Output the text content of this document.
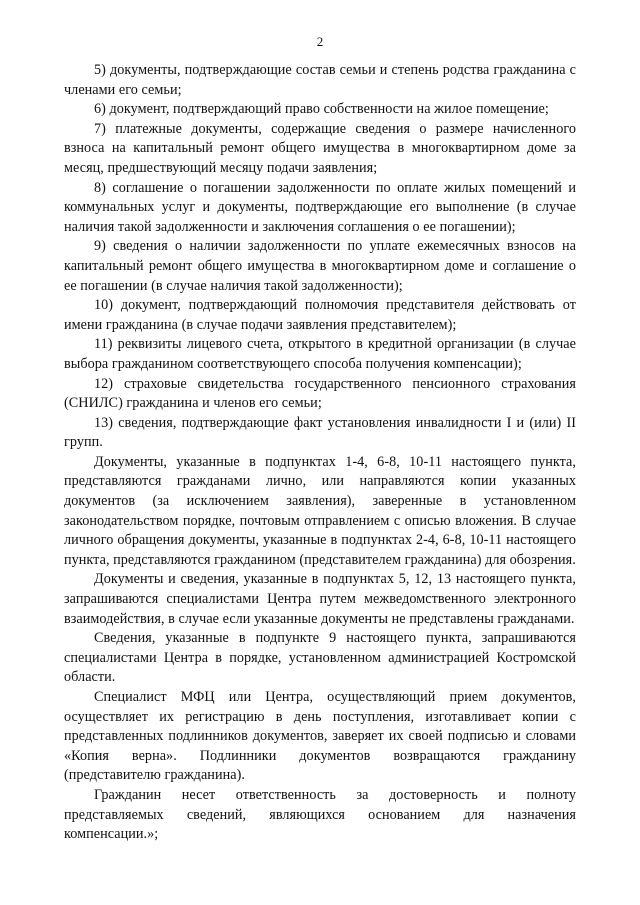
2

5) документы, подтверждающие состав семьи и степень родства гражданина с членами его семьи;

6) документ, подтверждающий право собственности на жилое помещение;

7) платежные документы, содержащие сведения о размере начисленного взноса на капитальный ремонт общего имущества в многоквартирном доме за месяц, предшествующий месяцу подачи заявления;

8) соглашение о погашении задолженности по оплате жилых помещений и коммунальных услуг и документы, подтверждающие его выполнение (в случае наличия такой задолженности и заключения соглашения о ее погашении);

9) сведения о наличии задолженности по уплате ежемесячных взносов на капитальный ремонт общего имущества в многоквартирном доме и соглашение о ее погашении (в случае наличия такой задолженности);

10) документ, подтверждающий полномочия представителя действовать от имени гражданина (в случае подачи заявления представителем);

11) реквизиты лицевого счета, открытого в кредитной организации (в случае выбора гражданином соответствующего способа получения компенсации);

12) страховые свидетельства государственного пенсионного страхования (СНИЛС) гражданина и членов его семьи;

13) сведения, подтверждающие факт установления инвалидности I и (или) II групп.

Документы, указанные в подпунктах 1-4, 6-8, 10-11 настоящего пункта, представляются гражданами лично, или направляются копии указанных документов (за исключением заявления), заверенные в установленном законодательством порядке, почтовым отправлением с описью вложения. В случае личного обращения документы, указанные в подпунктах 2-4, 6-8, 10-11 настоящего пункта, представляются гражданином (представителем гражданина) для обозрения.

Документы и сведения, указанные в подпунктах 5, 12, 13 настоящего пункта, запрашиваются специалистами Центра путем межведомственного электронного взаимодействия, в случае если указанные документы не представлены гражданами.

Сведения, указанные в подпункте 9 настоящего пункта, запрашиваются специалистами Центра в порядке, установленном администрацией Костромской области.

Специалист МФЦ или Центра, осуществляющий прием документов, осуществляет их регистрацию в день поступления, изготавливает копии с представленных подлинников документов, заверяет их своей подписью и словами «Копия верна». Подлинники документов возвращаются гражданину (представителю гражданина).

Гражданин несет ответственность за достоверность и полноту представляемых сведений, являющихся основанием для назначения компенсации.»;
